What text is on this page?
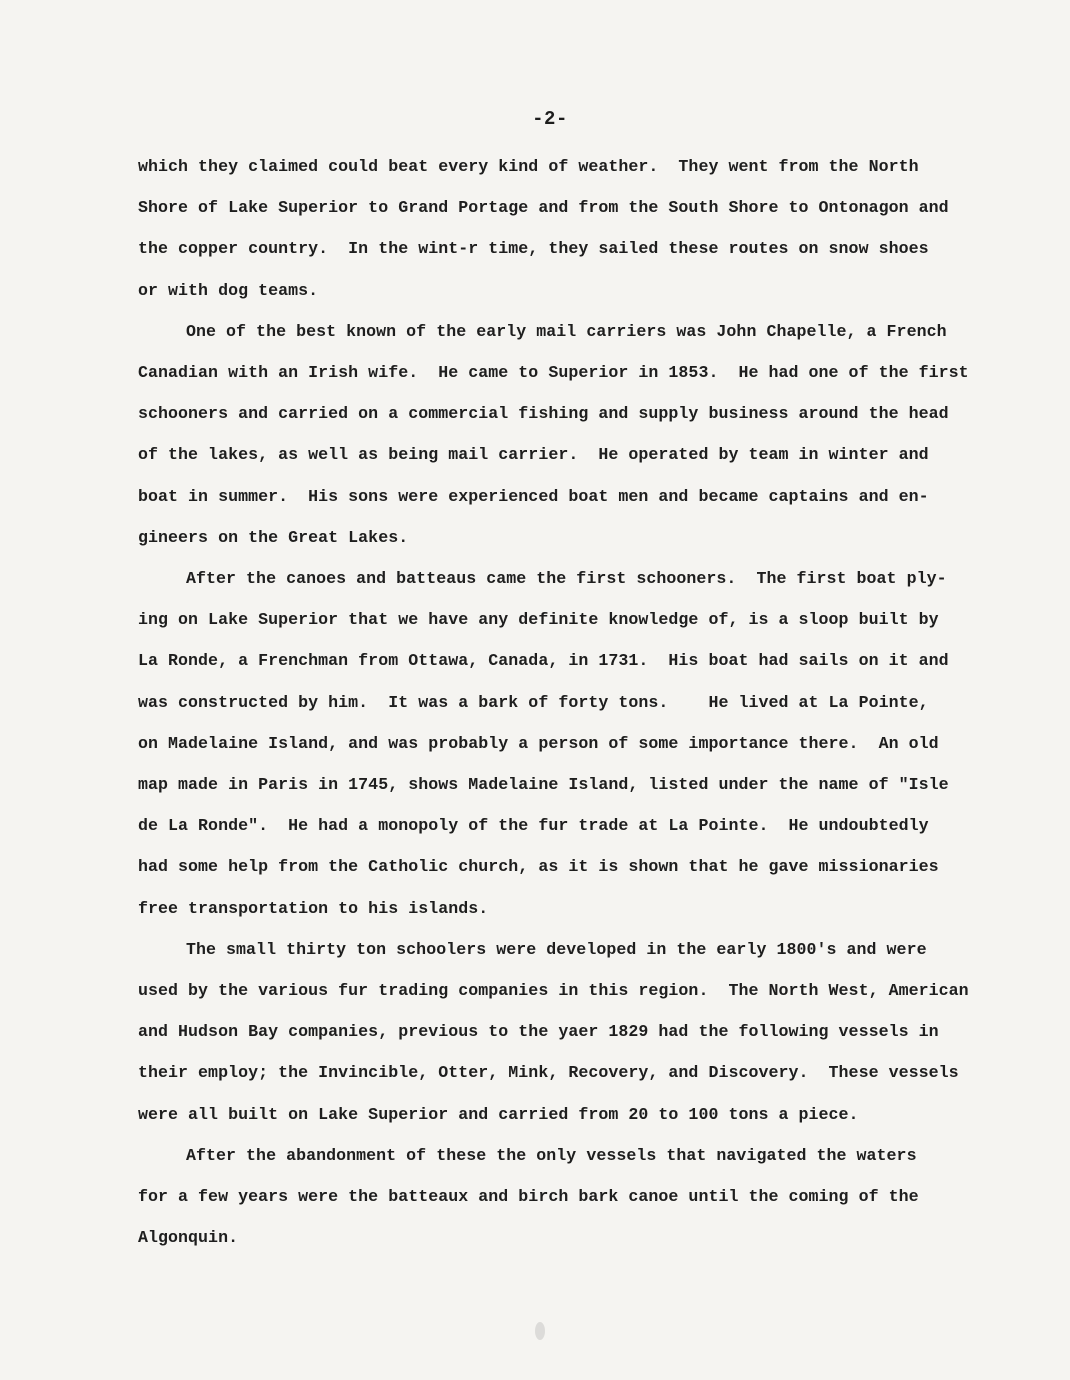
-2-

which they claimed could beat every kind of weather.  They went from the North
Shore of Lake Superior to Grand Portage and from the South Shore to Ontonagon and
the copper country.  In the wint-r time, they sailed these routes on snow shoes
or with dog teams.

One of the best known of the early mail carriers was John Chapelle, a French
Canadian with an Irish wife.  He came to Superior in 1853.  He had one of the first
schooners and carried on a commercial fishing and supply business around the head
of the lakes, as well as being mail carrier.  He operated by team in winter and
boat in summer.  His sons were experienced boat men and became captains and en-
gineers on the Great Lakes.

After the canoes and batteaus came the first schooners.  The first boat ply-
ing on Lake Superior that we have any definite knowledge of, is a sloop built by
La Ronde, a Frenchman from Ottawa, Canada, in 1731.  His boat had sails on it and
was constructed by him.  It was a bark of forty tons.    He lived at La Pointe,
on Madelaine Island, and was probably a person of some importance there.  An old
map made in Paris in 1745, shows Madelaine Island, listed under the name of "Isle
de La Ronde".  He had a monopoly of the fur trade at La Pointe.  He undoubtedly
had some help from the Catholic church, as it is shown that he gave missionaries
free transportation to his islands.

The small thirty ton schoolers were developed in the early 1800's and were
used by the various fur trading companies in this region.  The North West, American
and Hudson Bay companies, previous to the yaer 1829 had the following vessels in
their employ; the Invincible, Otter, Mink, Recovery, and Discovery.  These vessels
were all built on Lake Superior and carried from 20 to 100 tons a piece.

After the abandonment of these the only vessels that navigated the waters
for a few years were the batteaux and birch bark canoe until the coming of the
Algonquin.
